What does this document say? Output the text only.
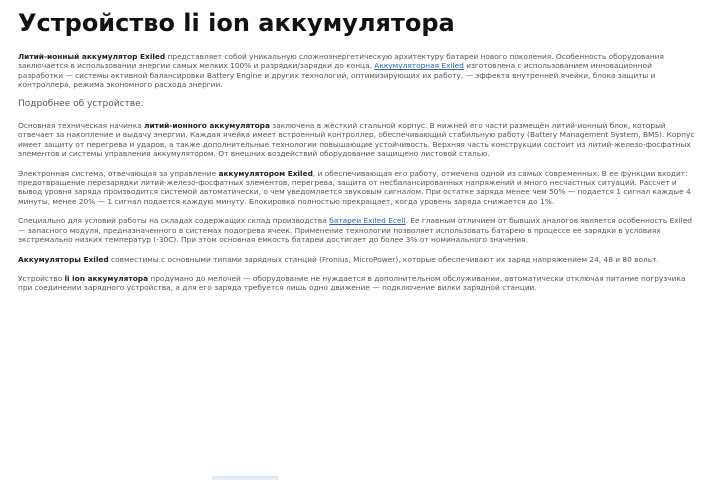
Устройство li ion аккумулятора

Литий-ионный аккумулятор Exiled представляет собой уникальную сложноэнергетическую архитектуру батареи нового поколения. Особенность оборудования заключается в использовании энергии самых мелких 100% и разрядки/зарядки до конца. Аккумуляторная Exiled изготовлена с использованием инновационной разработки — системы активной балансировки Battery Engine и других технологий, оптимизирующих их работу, — эффекта внутренней ячейки, блока защиты и контроллера, режима экономного расхода энергии.

Подробнее об устройстве:

Основная техническая начинка литий-ионного аккумулятора заключена в жёсткий стальной корпус. В нижней его части размещён литий-ионный блок, который отвечает за накопление и выдачу энергии. Каждая ячейка имеет встроенный контроллер, обеспечивающий стабильную работу (Battery Management System, BMS). Корпус имеет защиту от перегрева и ударов, а также дополнительные технологии повышающие устойчивость. Верхняя часть конструкции состоит из литий-железо-фосфатных элементов и системы управления аккумулятором. От внешних воздействий оборудование защищено листовой сталью.

Электронная система, отвечающая за управление аккумулятором Exiled, и обеспечивающая его работу, отмечена одной из самых современных. В ее функции входит: предотвращение перезарядки литий-железо-фосфатных элементов, перегрева, защита от несбалансированных напряжений и много несчастных ситуаций. Рассчет и вывод уровня заряда производится системой автоматически, о чем уведомляется звуковым сигналом. При остатке заряда менее чем 50% — подается 1 сигнал каждые 4 минуты, менее 20% — 1 сигнал подается каждую минуту. Блокировка полностью прекращает, когда уровень заряда снижается до 1%.

Специально для условий работы на складах содержащих склад производства батареи Exiled Ecell. Ее главным отличием от бывших аналогов является особенность Exiled — запасного модуля, предназначенного в системах подогрева ячеек. Применение технологии позволяет использовать батарею в процессе ее зарядки в условиях экстремально низких температур (-30С). При этом основная емкость батареи достигает до более 3% от номинального значения.

Аккумуляторы Exiled совместимы с основными типами зарядных станций (Fronius, MicroPower), которые обеспечивают их заряд напряжением 24, 48 и 80 вольт.

Устройство li ion аккумулятора продумано до мелочей — оборудование не нуждается в дополнительном обслуживании, автоматически отключая питание погрузчика при соединении зарядного устройства, а для его заряда требуется лишь одно движение — подключение вилки зарядной станции.
